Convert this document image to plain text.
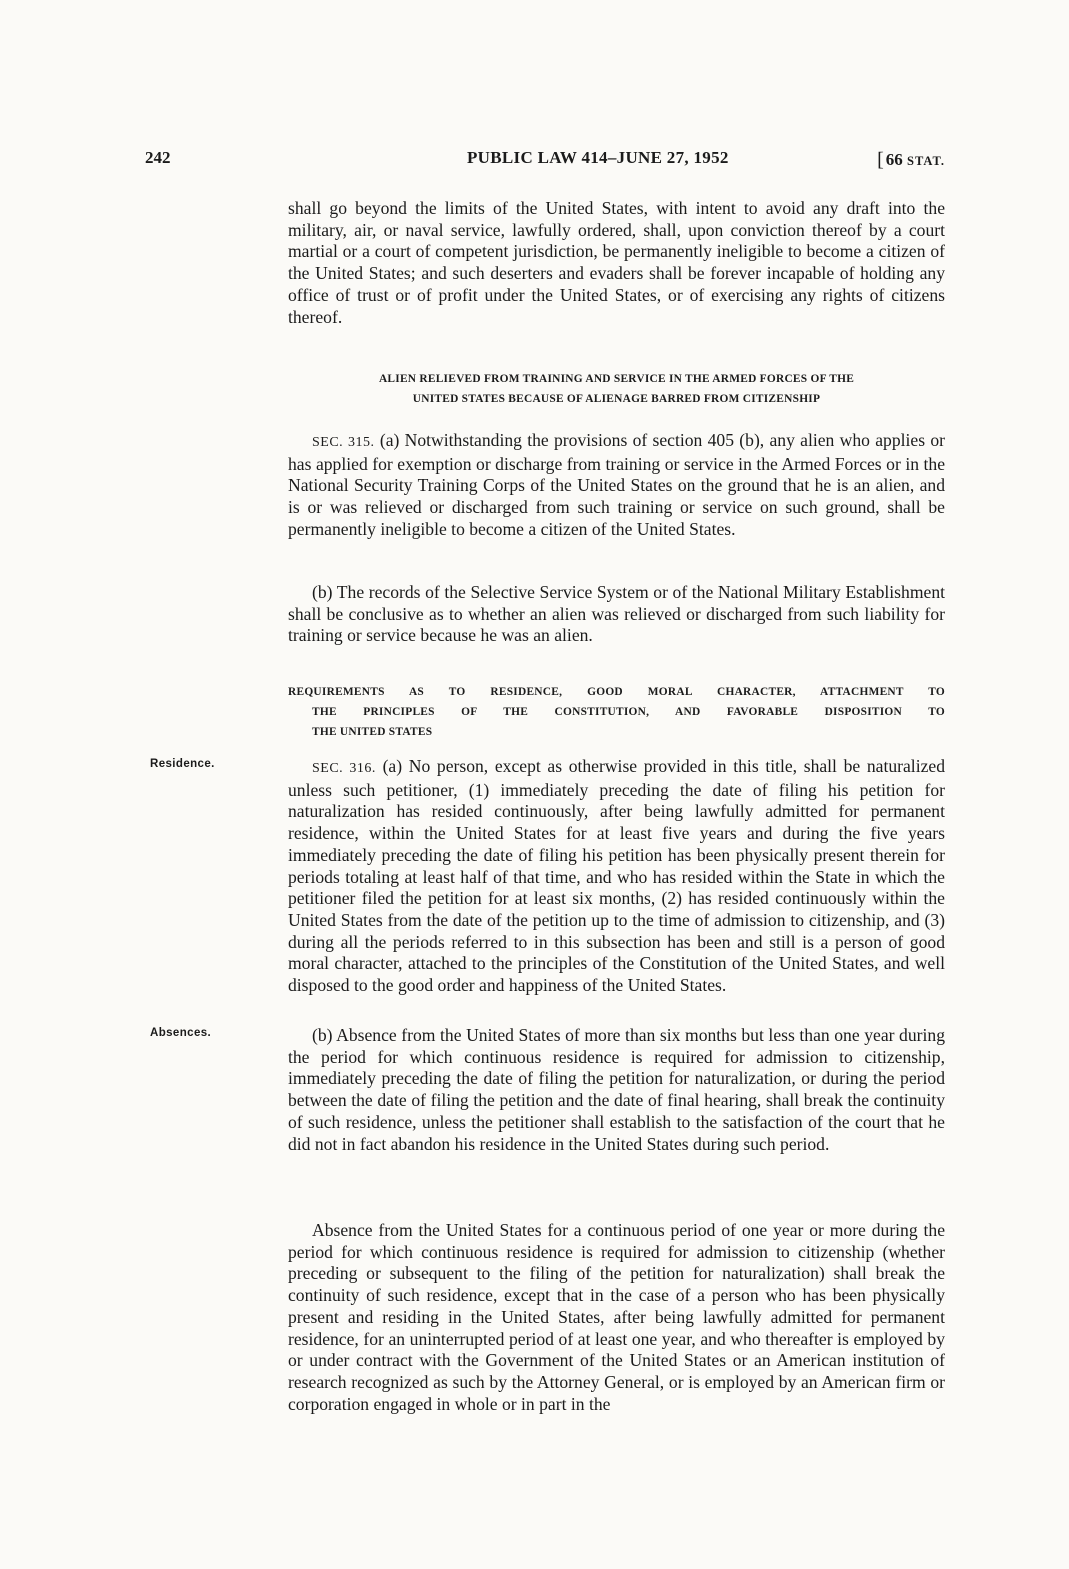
242	PUBLIC LAW 414–JUNE 27, 1952	[ 66 STAT.

shall go beyond the limits of the United States, with intent to avoid any draft into the military, air, or naval service, lawfully ordered, shall, upon conviction thereof by a court martial or a court of competent jurisdiction, be permanently ineligible to become a citizen of the United States; and such deserters and evaders shall be forever incapable of holding any office of trust or of profit under the United States, or of exercising any rights of citizens thereof.

ALIEN RELIEVED FROM TRAINING AND SERVICE IN THE ARMED FORCES OF THE
UNITED STATES BECAUSE OF ALIENAGE BARRED FROM CITIZENSHIP

SEC. 315. (a) Notwithstanding the provisions of section 405 (b), any alien who applies or has applied for exemption or discharge from training or service in the Armed Forces or in the National Security Training Corps of the United States on the ground that he is an alien, and is or was relieved or discharged from such training or service on such ground, shall be permanently ineligible to become a citizen of the United States.

(b) The records of the Selective Service System or of the National Military Establishment shall be conclusive as to whether an alien was relieved or discharged from such liability for training or service because he was an alien.

REQUIREMENTS AS TO RESIDENCE, GOOD MORAL CHARACTER, ATTACHMENT TO
THE PRINCIPLES OF THE CONSTITUTION, AND FAVORABLE DISPOSITION TO
THE UNITED STATES
Residence.	SEC. 316. (a) No person, except as otherwise provided in this title, shall be naturalized unless such petitioner, (1) immediately preceding the date of filing his petition for naturalization has resided continuously, after being lawfully admitted for permanent residence, within the United States for at least five years and during the five years immediately preceding the date of filing his petition has been physically present therein for periods totaling at least half of that time, and who has resided within the State in which the petitioner filed the petition for at least six months, (2) has resided continuously within the United States from the date of the petition up to the time of admission to citizenship, and (3) during all the periods referred to in this subsection has been and still is a person of good moral character, attached to the principles of the Constitution of the United States, and well disposed to the good order and happiness of the United States.

Absences.	(b) Absence from the United States of more than six months but less than one year during the period for which continuous residence is required for admission to citizenship, immediately preceding the date of filing the petition for naturalization, or during the period between the date of filing the petition and the date of final hearing, shall break the continuity of such residence, unless the petitioner shall establish to the satisfaction of the court that he did not in fact abandon his residence in the United States during such period.

Absence from the United States for a continuous period of one year or more during the period for which continuous residence is required for admission to citizenship (whether preceding or subsequent to the filing of the petition for naturalization) shall break the continuity of such residence, except that in the case of a person who has been physically present and residing in the United States, after being lawfully admitted for permanent residence, for an uninterrupted period of at least one year, and who thereafter is employed by or under contract with the Government of the United States or an American institution of research recognized as such by the Attorney General, or is employed by an American firm or corporation engaged in whole or in part in the
